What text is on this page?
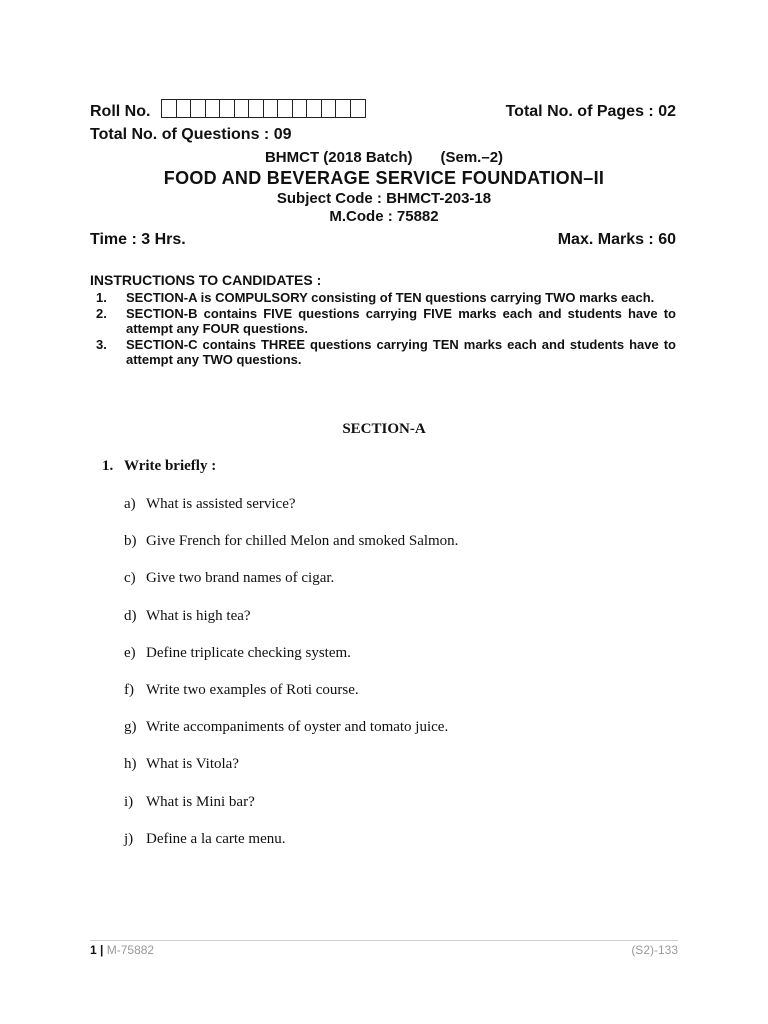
Roll No.	Total No. of Pages : 02
Total No. of Questions : 09
BHMCT (2018 Batch) (Sem.–2)
FOOD AND BEVERAGE SERVICE FOUNDATION–II
Subject Code : BHMCT-203-18
M.Code : 75882
Time : 3 Hrs.	Max. Marks : 60
INSTRUCTIONS TO CANDIDATES :
1.	SECTION-A is COMPULSORY consisting of TEN questions carrying TWO marks each.
2.	SECTION-B contains FIVE questions carrying FIVE marks each and students have to attempt any FOUR questions.
3.	SECTION-C contains THREE questions carrying TEN marks each and students have to attempt any TWO questions.
SECTION-A
1. Write briefly :
a) What is assisted service?
b) Give French for chilled Melon and smoked Salmon.
c) Give two brand names of cigar.
d) What is high tea?
e) Define triplicate checking system.
f) Write two examples of Roti course.
g) Write accompaniments of oyster and tomato juice.
h) What is Vitola?
i) What is Mini bar?
j) Define a la carte menu.
1 | M-75882	(S2)-133
